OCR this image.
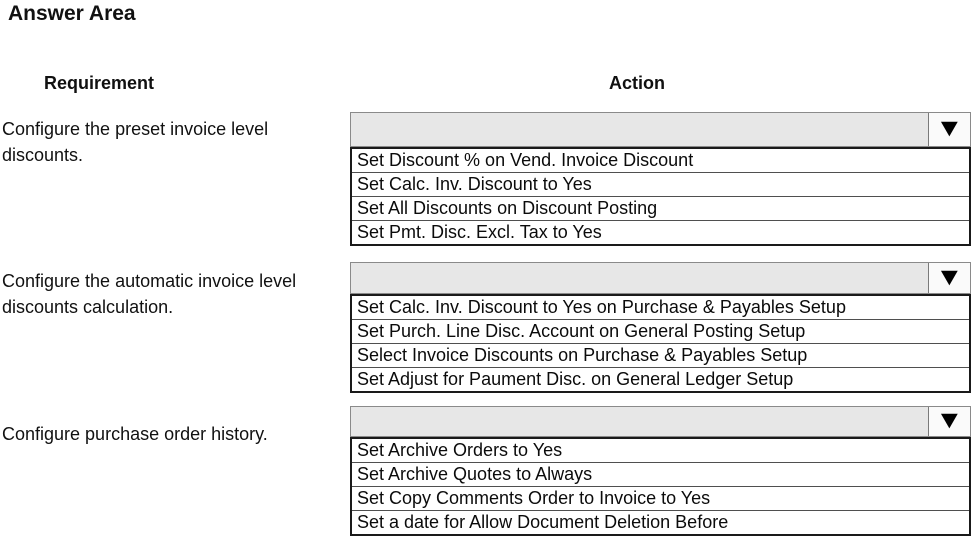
Answer Area
Requirement	Action
Configure the preset invoice level discounts.
▼
Set Discount % on Vend. Invoice Discount
Set Calc. Inv. Discount to Yes
Set All Discounts on Discount Posting
Set Pmt. Disc. Excl. Tax to Yes
Configure the automatic invoice level discounts calculation.
▼
Set Calc. Inv. Discount to Yes on Purchase & Payables Setup
Set Purch. Line Disc. Account on General Posting Setup
Select Invoice Discounts on Purchase & Payables Setup
Set Adjust for Paument Disc. on General Ledger Setup
Configure purchase order history.	▼
Set Archive Orders to Yes
Set Archive Quotes to Always
Set Copy Comments Order to Invoice to Yes
Set a date for Allow Document Deletion Before
